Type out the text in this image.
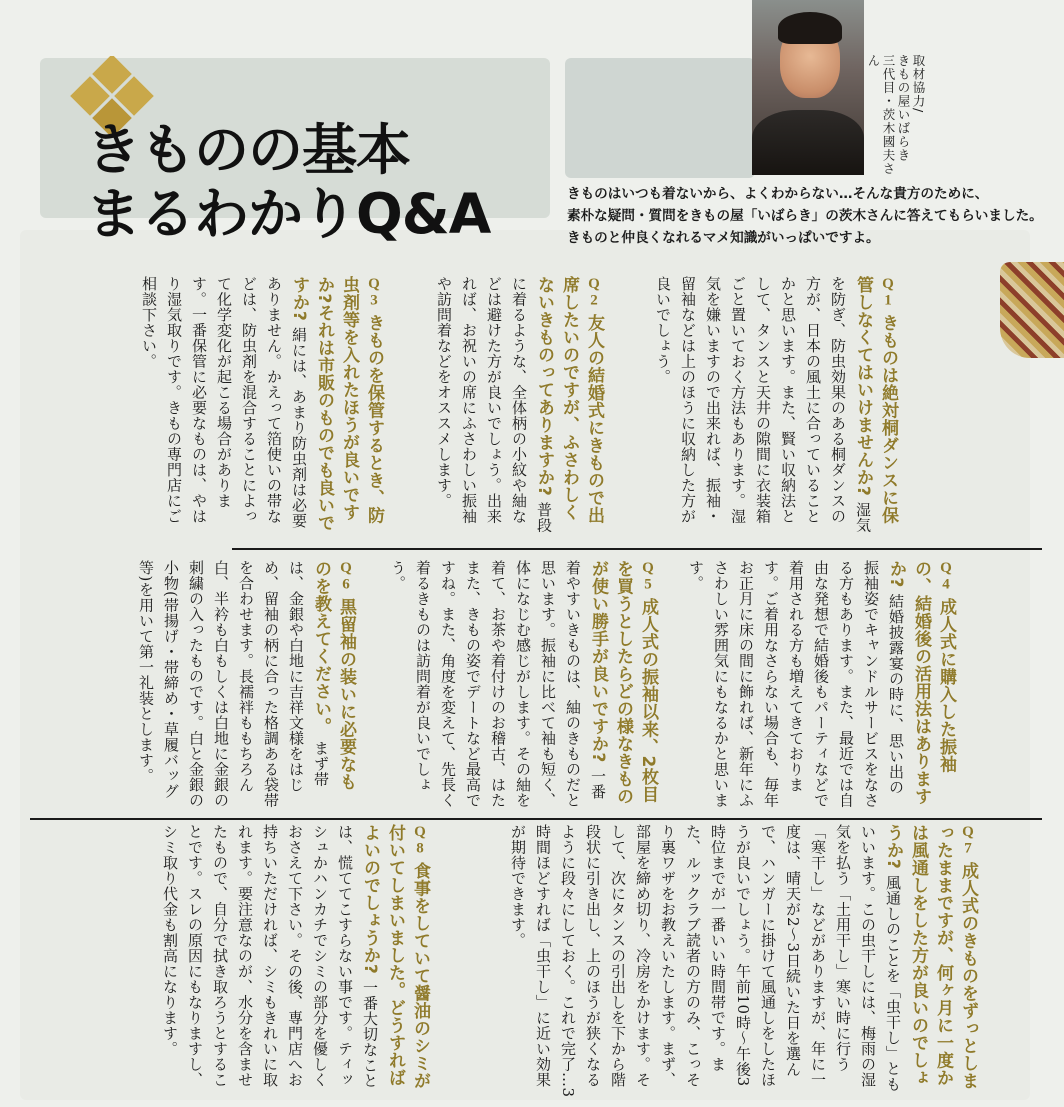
取材協力/
きもの屋いばらき
三代目・茨木國夫さん
きものの基本
まるわかりQ&A	きものはいつも着ないから、よくわからない…そんな貴方のために、

素朴な疑問・質問をきもの屋「いばらき」の茨木さんに答えてもらいました。

きものと仲良くなれるマメ知識がいっぱいですよ。

Q1 きものは絶対桐ダンスに保管しなくてはいけませんか? 湿気を防ぎ、防虫効果のある桐ダンスの方が、日本の風土に合っていることかと思います。また、賢い収納法として、タンスと天井の隙間に衣装箱ごと置いておく方法もあります。湿気を嫌いますので出来れば、振袖・留袖などは上のほうに収納した方が良いでしょう。
Q2 友人の結婚式にきもので出席したいのですが、ふさわしくないきものってありますか? 普段に着るような、全体柄の小紋や紬などは避けた方が良いでしょう。出来れば、お祝いの席にふさわしい振袖や訪問着などをオススメします。
Q3 きものを保管するとき、防虫剤等を入れたほうが良いですか?それは市販のものでも良いですか? 絹には、あまり防虫剤は必要ありません。かえって箔使いの帯などは、防虫剤を混合することによって化学変化が起こる場合があります。一番保管に必要なものは、やはり湿気取りです。きもの専門店にご相談下さい。
Q4 成人式に購入した振袖の、結婚後の活用法はありますか? 結婚披露宴の時に、思い出の振袖姿でキャンドルサービスをなさる方もあります。また、最近では自由な発想で結婚後もパーティなどで着用される方も増えてきております。ご着用なさらない場合も、毎年お正月に床の間に飾れば、新年にふさわしい雰囲気にもなるかと思います。
Q5 成人式の振袖以来、2枚目を買うとしたらどの様なきものが使い勝手が良いですか? 一番着やすいきものは、紬のきものだと思います。振袖に比べて袖も短く、体になじむ感じがします。その紬を着て、お茶や着付けのお稽古、はたまた、きもの姿でデートなど最高ですね。また、角度を変えて、先長く着るきものは訪問着が良いでしょう。
Q6 黒留袖の装いに必要なものを教えてください。 まず帯は、金銀や白地に吉祥文様をはじめ、留袖の柄に合った格調ある袋帯を合わせます。長襦袢ももちろん白、半衿も白もしくは白地に金銀の刺繍の入ったものです。白と金銀の小物(帯揚げ・帯締め・草履バッグ等)を用いて第一礼装とします。
Q7 成人式のきものをずっとしまったままですが、何ヶ月に一度かは風通しをした方が良いのでしょうか? 風通しのことを「虫干し」ともいいます。この虫干しには、梅雨の湿気を払う「土用干し」寒い時に行う「寒干し」などがありますが、年に一度は、晴天が2〜3日続いた日を選んで、ハンガーに掛けて風通しをしたほうが良いでしょう。午前10時〜午後3時位までが一番いい時間帯です。また、ルックラブ読者の方のみ、こっそり裏ワザをお教えいたします。まず、部屋を締め切り、冷房をかけます。そして、次にタンスの引出しを下から階段状に引き出し、上のほうが狭くなるように段々にしておく。これで完了…3時間ほどすれば「虫干し」に近い効果が期待できます。
Q8 食事をしていて醤油のシミが付いてしまいました。どうすればよいのでしょうか? 一番大切なことは、慌ててこすらない事です。ティッシュかハンカチでシミの部分を優しくおさえて下さい。その後、専門店へお持ちいただければ、シミもきれいに取れます。要注意なのが、水分を含ませたもので、自分で拭き取ろうとすることです。スレの原因にもなりますし、シミ取り代金も割高になります。
